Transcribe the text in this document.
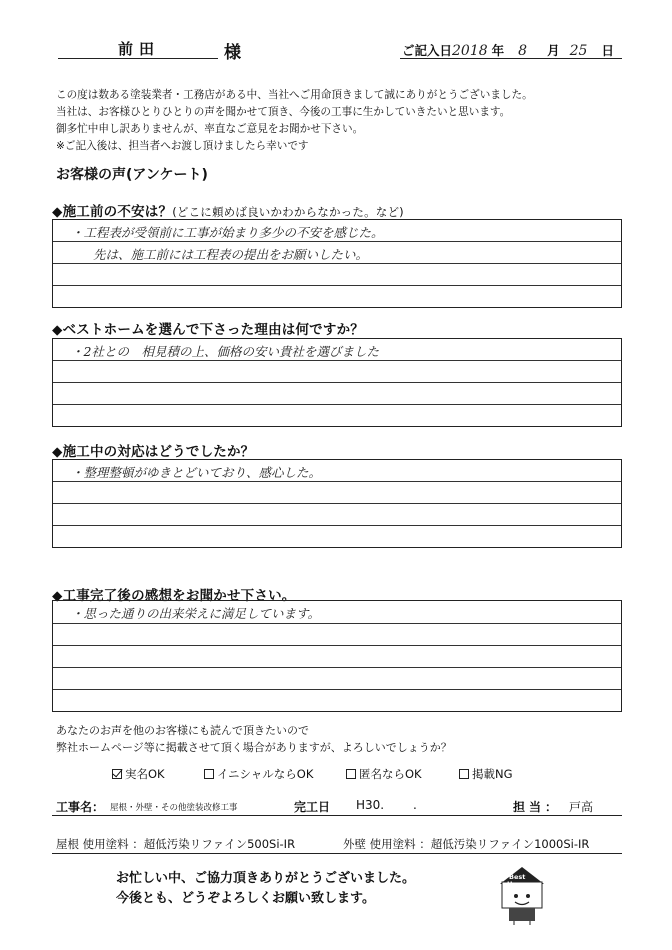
前田	様	ご記入日2018 年 8 月 25 日
この度は数ある塗装業者・工務店がある中、当社へご用命頂きまして誠にありがとうございました。
当社は、お客様ひとりひとりの声を聞かせて頂き、今後の工事に生かしていきたいと思います。
御多忙中申し訳ありませんが、率直なご意見をお聞かせ下さい。
※ご記入後は、担当者へお渡し頂けましたら幸いです
お客様の声(アンケート)
◆施工前の不安は？(どこに頼めば良いかわからなかった。など)
・工程表が受領前に工事が始まり多少の不安を感じた。
先は、施工前には工程表の提出をお願いしたい。
◆ベストホームを選んで下さった理由は何ですか？
・2社との　相見積の上、価格の安い貴社を選びました
◆施工中の対応はどうでしたか？
・整理整頓がゆきとどいており、感心した。
◆工事完了後の感想をお聞かせ下さい。
・思った通りの出来栄えに満足しています。
あなたのお声を他のお客様にも読んで頂きたいので
弊社ホームページ等に掲載させて頂く場合がありますが、よろしいでしょうか？
実名OK	イニシャルならOK	匿名ならOK	掲載NG
工事名： 屋根・外壁・その他塗装改修工事	完工日 H30. .	担当： 戸高
屋根 使用塗料 ：超低汚染リファイン500Si-IR	外壁 使用塗料 ：超低汚染リファイン1000Si-IR
お忙しい中、ご協力頂きありがとうございました。
今後とも、どうぞよろしくお願い致します。
Best
Home
